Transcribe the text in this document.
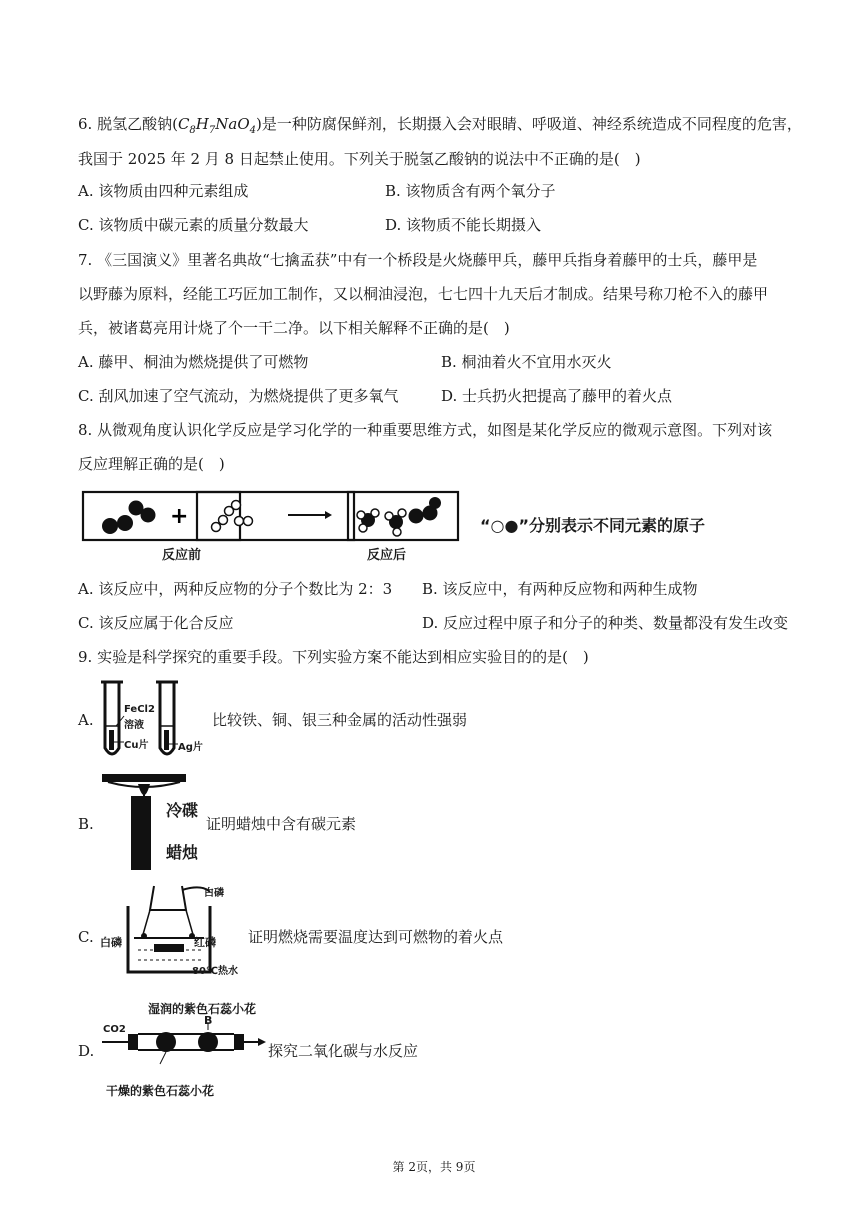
6. 脱氢乙酸钠$(C_8H_7NaO_4)$是一种防腐保鲜剂，长期摄入会对眼睛、呼吸道、神经系统造成不同程度的危害，
我国于 2025 年 2 月 8 日起禁止使用。下列关于脱氢乙酸钠的说法中不正确的是(　)
A. 该物质由四种元素组成	B. 该物质含有两个氧分子
C. 该物质中碳元素的质量分数最大	D. 该物质不能长期摄入
7. 《三国演义》里著名典故“七擒孟获”中有一个桥段是火烧藤甲兵，藤甲兵指身着藤甲的士兵，藤甲是
以野藤为原料，经能工巧匠加工制作，又以桐油浸泡，七七四十九天后才制成。结果号称刀枪不入的藤甲
兵，被诸葛亮用计烧了个一干二净。以下相关解释不正确的是(　)
A. 藤甲、桐油为燃烧提供了可燃物	B. 桐油着火不宜用水灭火
C. 刮风加速了空气流动，为燃烧提供了更多氧气	D. 士兵扔火把提高了藤甲的着火点
8. 从微观角度认识化学反应是学习化学的一种重要思维方式，如图是某化学反应的微观示意图。下列对该
反应理解正确的是(　)
+
反应前	反应后
“○●”分别表示不同元素的原子
A. 该反应中，两种反应物的分子个数比为 2：3 B. 该反应中，有两种反应物和两种生成物
C. 该反应属于化合反应	D. 反应过程中原子和分子的种类、数量都没有发生改变
9. 实验是科学探究的重要手段。下列实验方案不能达到相应实验目的的是(　)
A.
FeCl2
溶液
Cu片	Ag片
比较铁、铜、银三种金属的活动性强弱
B.
冷碟
蜡烛
证明蜡烛中含有碳元素
C.
白磷
白磷	红磷
80℃热水
证明燃烧需要温度达到可燃物的着火点
D.
湿润的紫色石蕊小花
B
CO2
干燥的紫色石蕊小花
探究二氧化碳与水反应
第 2页，共 9页
